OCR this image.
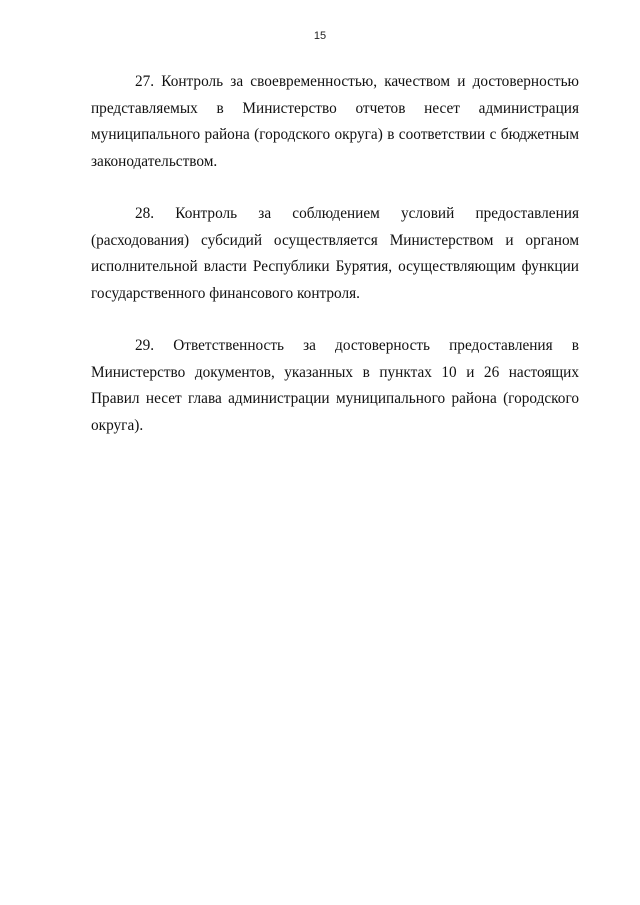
15
27. Контроль за своевременностью, качеством и достоверностью
представляемых в Министерство отчетов несет администрация
муниципального района (городского округа) в соответствии с бюджетным
законодательством.
28. Контроль за соблюдением условий предоставления
(расходования) субсидий осуществляется Министерством и органом
исполнительной власти Республики Бурятия, осуществляющим функции
государственного финансового контроля.
29. Ответственность за достоверность предоставления в
Министерство документов, указанных в пунктах 10 и 26 настоящих
Правил несет глава администрации муниципального района (городского
округа).
